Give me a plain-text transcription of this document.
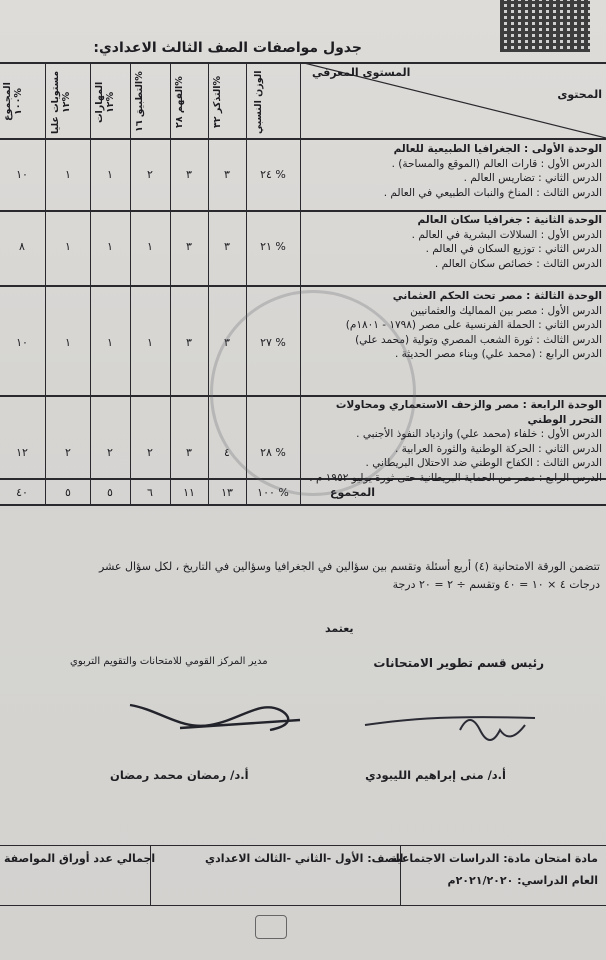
جدول مواصفات الصف الثالث الاعدادي:
المستوى المعرفي
المحتوى
الوزن النسبي
التذكر ٣٢%
الفهم ٢٨%
التطبيق ١٦%
المهارات ١٢%
مستويات عليا ١٢%
المجموع ١٠٠%
الوحدة الأولى : الجغرافيا الطبيعية للعالم
الدرس الأول : قارات العالم (الموقع والمساحة) .
الدرس الثاني : تضاريس العالم .
الدرس الثالث : المناخ والنبات الطبيعي في العالم .
٢٤ %
٣
٣
٢
١
١
١٠
الوحدة الثانية : جغرافيا سكان العالم
الدرس الأول : السلالات البشرية في العالم .
الدرس الثاني : توزيع السكان في العالم .
الدرس الثالث : خصائص سكان العالم .
٢١ %
٣
٣
١
١
١
٨
الوحدة الثالثة : مصر تحت الحكم العثماني
الدرس الأول : مصر بين المماليك والعثمانيين
الدرس الثاني : الحملة الفرنسية على مصر (١٧٩٨ - ١٨٠١م)
الدرس الثالث : ثورة الشعب المصري وتولية (محمد علي)
الدرس الرابع : (محمد علي) وبناء مصر الحديثة .
٢٧ %
٣
٣
١
١
١
١٠
الوحدة الرابعة : مصر والزحف الاستعماري ومحاولات التحرر الوطني
الدرس الأول : خلفاء (محمد علي) وازدياد النفوذ الأجنبي .
الدرس الثاني : الحركة الوطنية والثورة العرابية .
الدرس الثالث : الكفاح الوطني ضد الاحتلال البريطاني .
الدرس الرابع : مصر من الحماية البريطانية حتى ثورة يوليو ١٩٥٢ م .
٢٨ %
٤
٣
٢
٢
٢
١٢
المجموع
١٠٠ %
١٣
١١
٦
٥
٥
٤٠
تتضمن الورقة الامتحانية (٤) أربع أسئلة وتقسم بين سؤالين في الجغرافيا وسؤالين في التاريخ ، لكل سؤال عشر
درجات ٤ × ١٠ = ٤٠ وتقسم ÷ ٢ = ٢٠ درجة
يعتمد
رئيس قسم تطوير الامتحانات
مدير المركز القومي للامتحانات والتقويم التربوي
أ.د/ منى إبراهيم الليبودي
أ.د/ رمضان محمد رمضان
مادة امتحان مادة: الدراسات الاجتماعية
العام الدراسي: ٢٠٢١/٢٠٢٠م
الصف: الأول -الثاني -الثالث الاعدادي
اجمالي عدد أوراق المواصفة
